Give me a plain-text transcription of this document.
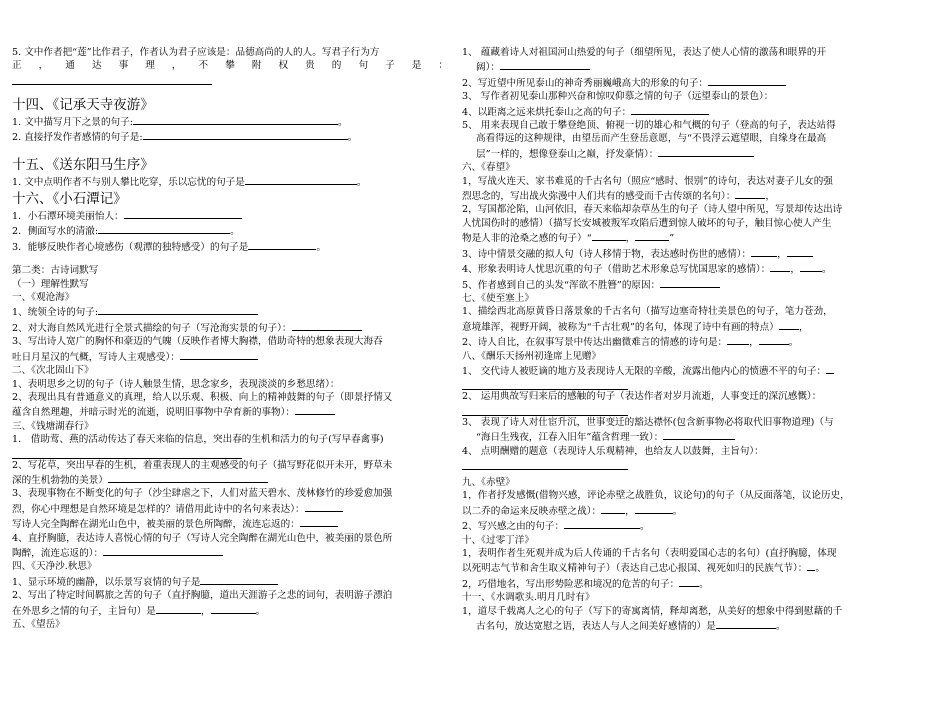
5. 文中作者把“莲”比作君子，作者认为君子应该是：品德高尚的人的人。写君子行为方
正，通达事理，不攀附权贵的句子是：
十四、《记承天寺夜游》
1. 文中描写月下之景的句子:	。
2. 直接抒发作者感情的句子是:	。
十五、《送东阳马生序》
1. 文中点明作者不与别人攀比吃穿，乐以忘忧的句子是	。
十六、《小石潭记》
1．小石潭环境美丽怡人：
2．侧面写水的清澈:	。
3．能够反映作者心境感伤（观潭的独特感受）的句子是	。
第二类：古诗词默写
（一）理解性默写
一、《观沧海》
1、统领全诗的句子:
2、对大海自然风光进行全景式描绘的句子（写沧海实景的句子）：
3、写出诗人宽广的胸怀和豪迈的气魄（反映作者博大胸襟，借助奇特的想象表现大海吞
吐日月星汉的气概，写诗人主观感受）：
二、《次北固山下》
1、表明思乡之切的句子（诗人触景生情，思念家乡，表现淡淡的乡愁思绪）：
2、表现出具有普通意义的真理，给人以乐观、积极、向上的精神鼓舞的句子（即景抒情又
蕴含自然理趣，并暗示时光的流逝，说明旧事物中孕育新的事物）：
三、《钱塘湖春行》
1． 借助莺、燕的活动传达了春天来临的信息，突出春的生机和活力的句子(写早春禽事)
2、写花草，突出早春的生机，着重表现人的主观感受的句子（描写野花似开未开，野草未
深的生机勃勃的美景）
3、表现事物在不断变化的句子（沙尘肆虐之下，人们对蓝天碧水、茂林修竹的珍爱愈加强
烈，你心中理想是自然环境是怎样的？请借用此诗中的名句来表达）：
写诗人完全陶醉在湖光山色中，被美丽的景色所陶醉，流连忘返的：
4、直抒胸臆，表达诗人喜悦心情的句子（写诗人完全陶醉在湖光山色中，被美丽的景色所
陶醉，流连忘返的）：
四、《天净沙.秋思》
1、显示环境的幽静，以乐景写哀情的句子是
2、写出了特定时间羁旅之苦的句子（直抒胸臆，道出天涯游子之悲的词句，表明游子漂泊
在外思乡之情的句子，主旨句）是	，	。
五、《望岳》
1、 蕴藏着诗人对祖国河山热爱的句子（细望所见，表达了使人心情的激荡和眼界的开
阔）：
2、写近望中所见泰山的神奇秀丽巍峨高大的形象的句子：
3、 写作者初见泰山那种兴奋和惊叹仰慕之情的句子（远望泰山的景色）：
4、以距离之远来烘托泰山之高的句子：
5、 用来表现自己敢于攀登绝顶、俯视一切的雄心和气概的句子（登高的句子，表达站得
高看得远的这种规律，由望岳而产生登岳意愿，与“不畏浮云遮望眼，自缘身在最高
层”一样的，想像登泰山之巅，抒发豪情）：
六、《春望》
1，写战火连天、家书难觅的千古名句（照应“感时、恨别”的诗句，表达对妻子儿女的强
烈思念的，写出战火弥漫中人们共有的感受而千古传颂的名句）：	，
2，写国都沦陷，山河依旧，春天来临却杂草丛生的句子（诗人望中所见，写景却传达出诗
人忧国伤时的感情）（描写长安城被叛军攻陷后遭到惊人破坏的句子，触目惊心使人产生
物是人非的沧桑之感的句子）“	，	”
3、诗中情景交融的拟人句（诗人移情于物，表达感时伤世的感情）：	，
4、形象表明诗人忧思沉重的句子（借助艺术形象总写忧国思家的感情）： ， 。
5、作者感到自己的头发“浑欲不胜簪”的原因：
七、《使至塞上》
1、描绘西北高原黄昏日落景象的千古名句（描写边塞奇特壮美景色的句子，笔力苍劲，
意境雄浑，视野开阔，被称为“千古壮观”的名句，体现了诗中有画的特点） ，
2、诗人自比，在叙事写景中传达出幽微难言的情感的诗句是： ，	。
八、《酬乐天扬州初逢席上见赠》
1、 交代诗人被贬谪的地方及表现诗人无限的辛酸，流露出他内心的愤懑不平的句子：
2、 运用典故写归来后的感触的句子（表达作者对岁月流逝，人事变迁的深沉感慨）：
3、 表现了诗人对仕宦升沉，世事变迁的豁达襟怀(包含新事物必将取代旧事物道理)（与
“海日生残夜，江春入旧年”蕴含哲理一致）：
4、 点明酬赠的题意（表现诗人乐观精神，也给友人以鼓舞，主旨句）：
九、《赤壁》
1，作者抒发感慨(借物兴感，评论赤壁之战胜负，议论句)的句子（从反面落笔，议论历史，
以二乔的命运来反映赤壁之战）：	，	。
2、写兴感之由的句子：	。
十、《过零丁洋》
1，表明作者生死观并成为后人传诵的千古名句（表明爱国心志的名句）(直抒胸臆，体现
以死明志气节和舍生取义精神句子）（表达自己忠心报国、视死如归的民族气节）： 。
2，巧借地名，写出形势险恶和境况的危苦的句子： 。
十一、《水调歌头.明月几时有》
1，道尽千载离人之心的句子（写下的寄寓离情，释却离愁，从美好的想象中得到慰藉的千
古名句，放达宽慰之语，表达人与人之间美好感情的）是	。
